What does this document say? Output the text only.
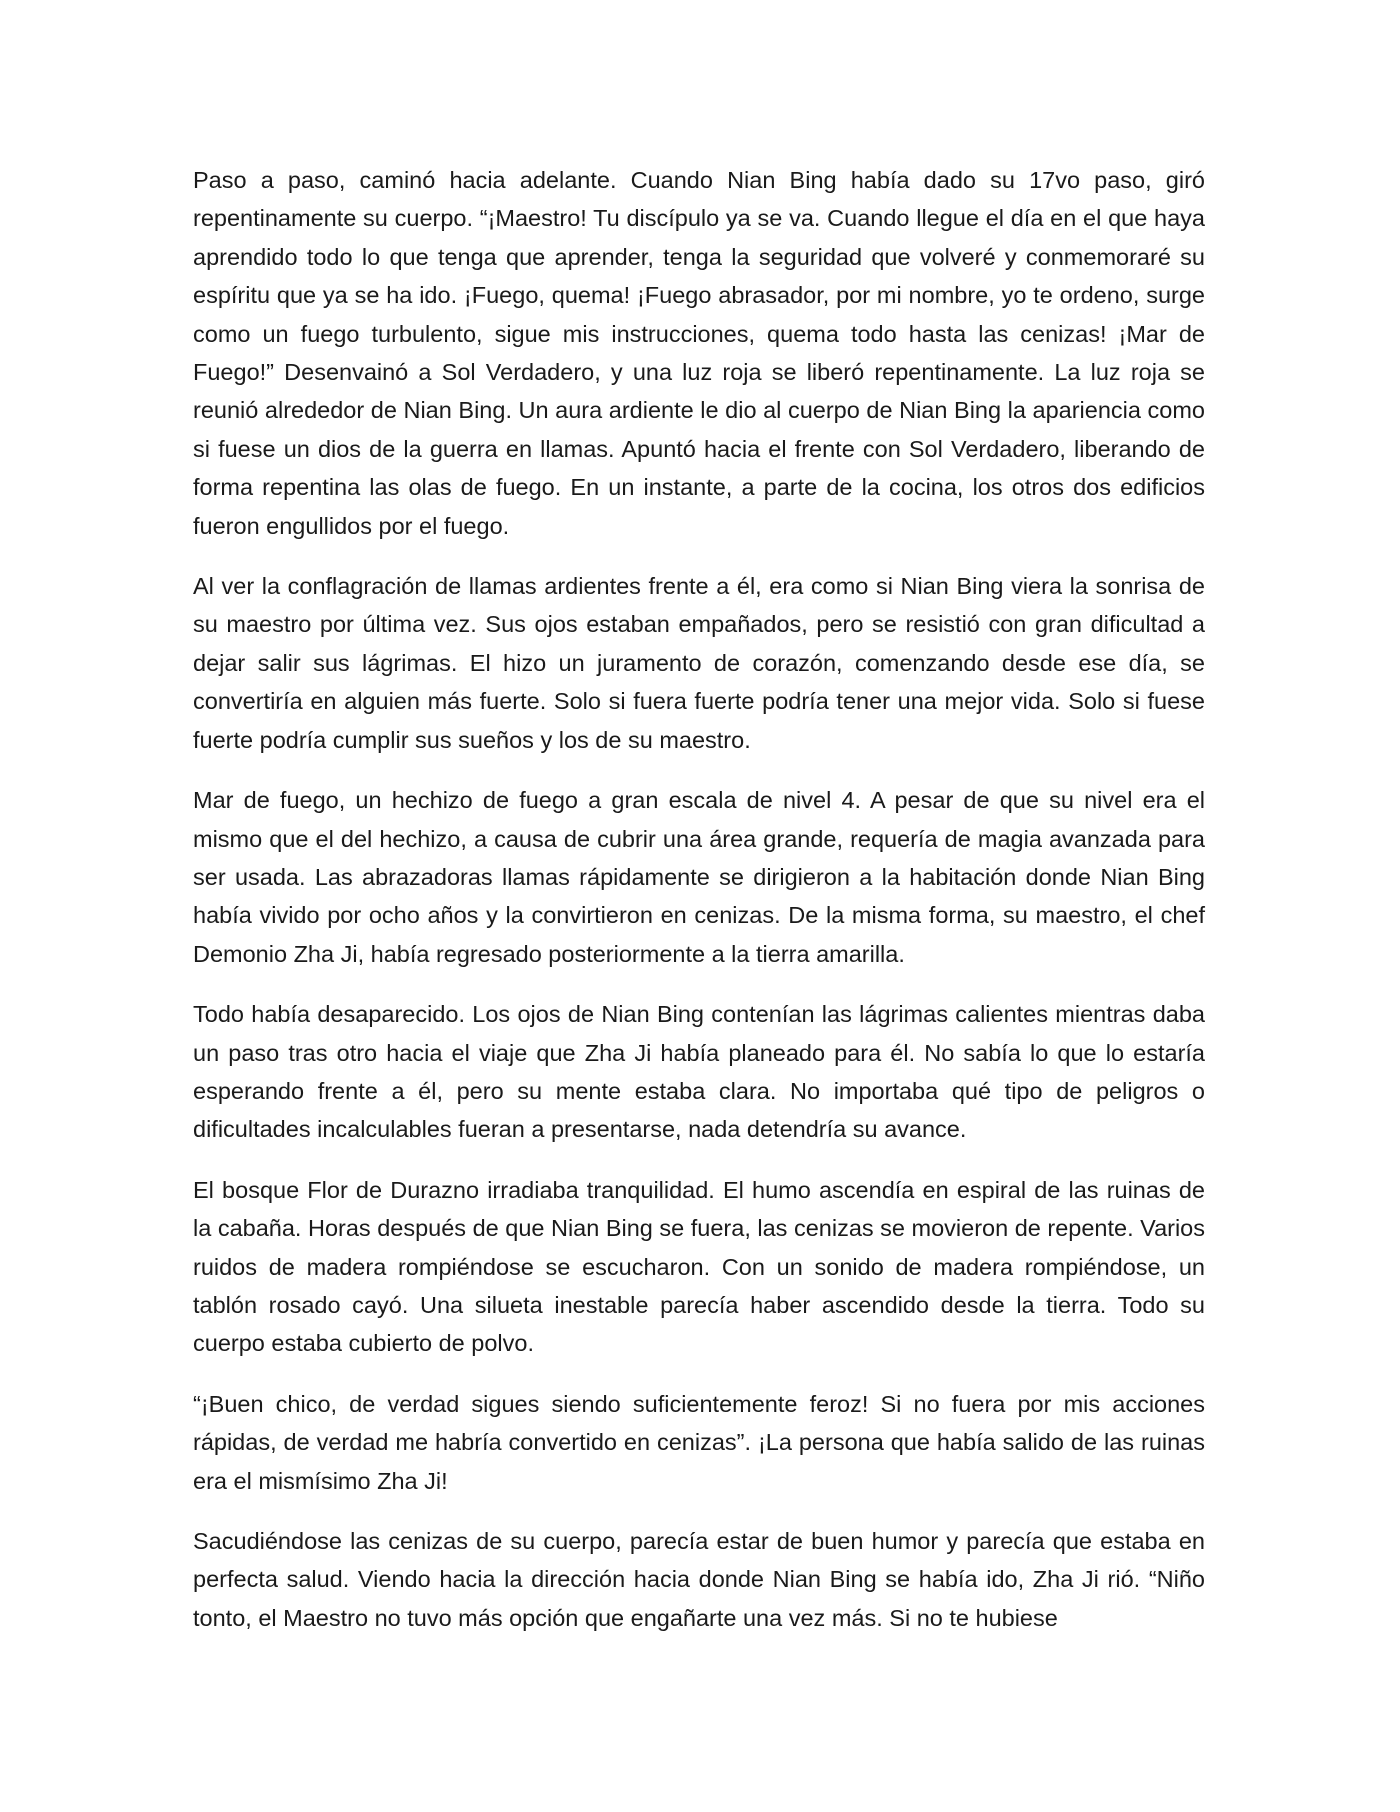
Paso a paso, caminó hacia adelante. Cuando Nian Bing había dado su 17vo paso, giró repentinamente su cuerpo. “¡Maestro! Tu discípulo ya se va. Cuando llegue el día en el que haya aprendido todo lo que tenga que aprender, tenga la seguridad que volveré y conmemoraré su espíritu que ya se ha ido. ¡Fuego, quema! ¡Fuego abrasador, por mi nombre, yo te ordeno, surge como un fuego turbulento, sigue mis instrucciones, quema todo hasta las cenizas! ¡Mar de Fuego!” Desenvainó a Sol Verdadero, y una luz roja se liberó repentinamente. La luz roja se reunió alrededor de Nian Bing. Un aura ardiente le dio al cuerpo de Nian Bing la apariencia como si fuese un dios de la guerra en llamas. Apuntó hacia el frente con Sol Verdadero, liberando de forma repentina las olas de fuego. En un instante, a parte de la cocina, los otros dos edificios fueron engullidos por el fuego.

Al ver la conflagración de llamas ardientes frente a él, era como si Nian Bing viera la sonrisa de su maestro por última vez. Sus ojos estaban empañados, pero se resistió con gran dificultad a dejar salir sus lágrimas. El hizo un juramento de corazón, comenzando desde ese día, se convertiría en alguien más fuerte. Solo si fuera fuerte podría tener una mejor vida. Solo si fuese fuerte podría cumplir sus sueños y los de su maestro.

Mar de fuego, un hechizo de fuego a gran escala de nivel 4. A pesar de que su nivel era el mismo que el del hechizo, a causa de cubrir una área grande, requería de magia avanzada para ser usada. Las abrazadoras llamas rápidamente se dirigieron a la habitación donde Nian Bing había vivido por ocho años y la convirtieron en cenizas. De la misma forma, su maestro, el chef Demonio Zha Ji, había regresado posteriormente a la tierra amarilla.

Todo había desaparecido. Los ojos de Nian Bing contenían las lágrimas calientes mientras daba un paso tras otro hacia el viaje que Zha Ji había planeado para él. No sabía lo que lo estaría esperando frente a él, pero su mente estaba clara. No importaba qué tipo de peligros o dificultades incalculables fueran a presentarse, nada detendría su avance.

El bosque Flor de Durazno irradiaba tranquilidad. El humo ascendía en espiral de las ruinas de la cabaña. Horas después de que Nian Bing se fuera, las cenizas se movieron de repente. Varios ruidos de madera rompiéndose se escucharon. Con un sonido de madera rompiéndose, un tablón rosado cayó. Una silueta inestable parecía haber ascendido desde la tierra. Todo su cuerpo estaba cubierto de polvo.

“¡Buen chico, de verdad sigues siendo suficientemente feroz! Si no fuera por mis acciones rápidas, de verdad me habría convertido en cenizas”. ¡La persona que había salido de las ruinas era el mismísimo Zha Ji!

Sacudiéndose las cenizas de su cuerpo, parecía estar de buen humor y parecía que estaba en perfecta salud. Viendo hacia la dirección hacia donde Nian Bing se había ido, Zha Ji rió. “Niño tonto, el Maestro no tuvo más opción que engañarte una vez más. Si no te hubiese
